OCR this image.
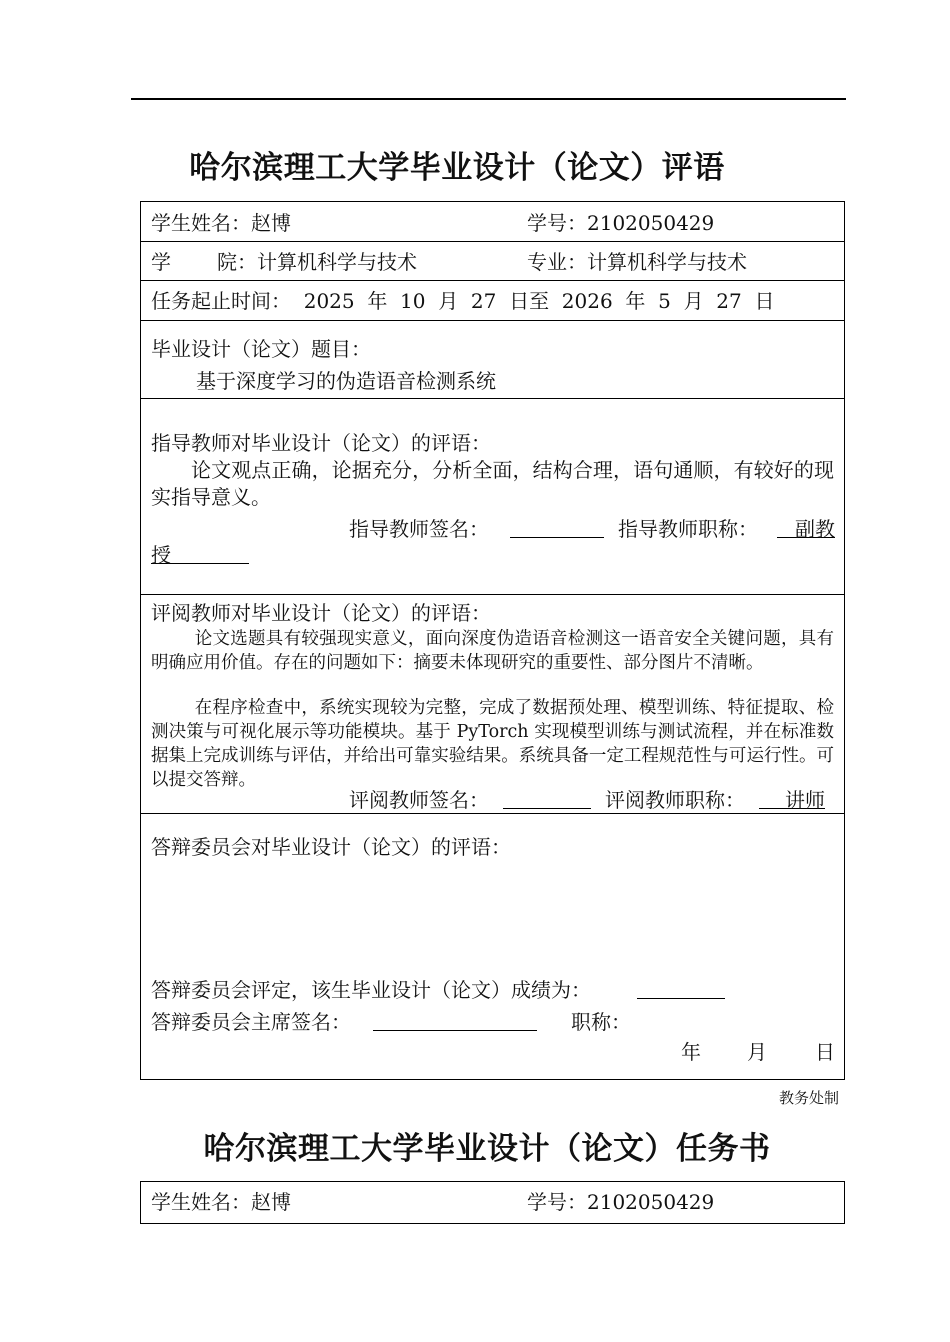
哈尔滨理工大学毕业设计（论文）评语
学生姓名：赵博	学号：2102050429
学 院：计算机科学与技术	专业：计算机科学与技术
任务起止时间：  2025  年  10  月  27  日至  2026  年  5  月  27  日
毕业设计（论文）题目：
基于深度学习的伪造语音检测系统
指导教师对毕业设计（论文）的评语：
论文观点正确，论据充分，分析全面，结构合理，语句通顺，有较好的现实指导意义。
指导教师签名：	指导教师职称：	副教
授
评阅教师对毕业设计（论文）的评语：
论文选题具有较强现实意义，面向深度伪造语音检测这一语音安全关键问题，具有明确应用价值。存在的问题如下：摘要未体现研究的重要性、部分图片不清晰。
在程序检查中，系统实现较为完整，完成了数据预处理、模型训练、特征提取、检测决策与可视化展示等功能模块。基于 PyTorch 实现模型训练与测试流程，并在标准数据集上完成训练与评估，并给出可靠实验结果。系统具备一定工程规范性与可运行性。可以提交答辩。
评阅教师签名：	评阅教师职称：	讲师
答辩委员会对毕业设计（论文）的评语：
答辩委员会评定，该生毕业设计（论文）成绩为：
答辩委员会主席签名：	职称：
年 月 日
教务处制
哈尔滨理工大学毕业设计（论文）任务书
学生姓名：赵博	学号：2102050429
